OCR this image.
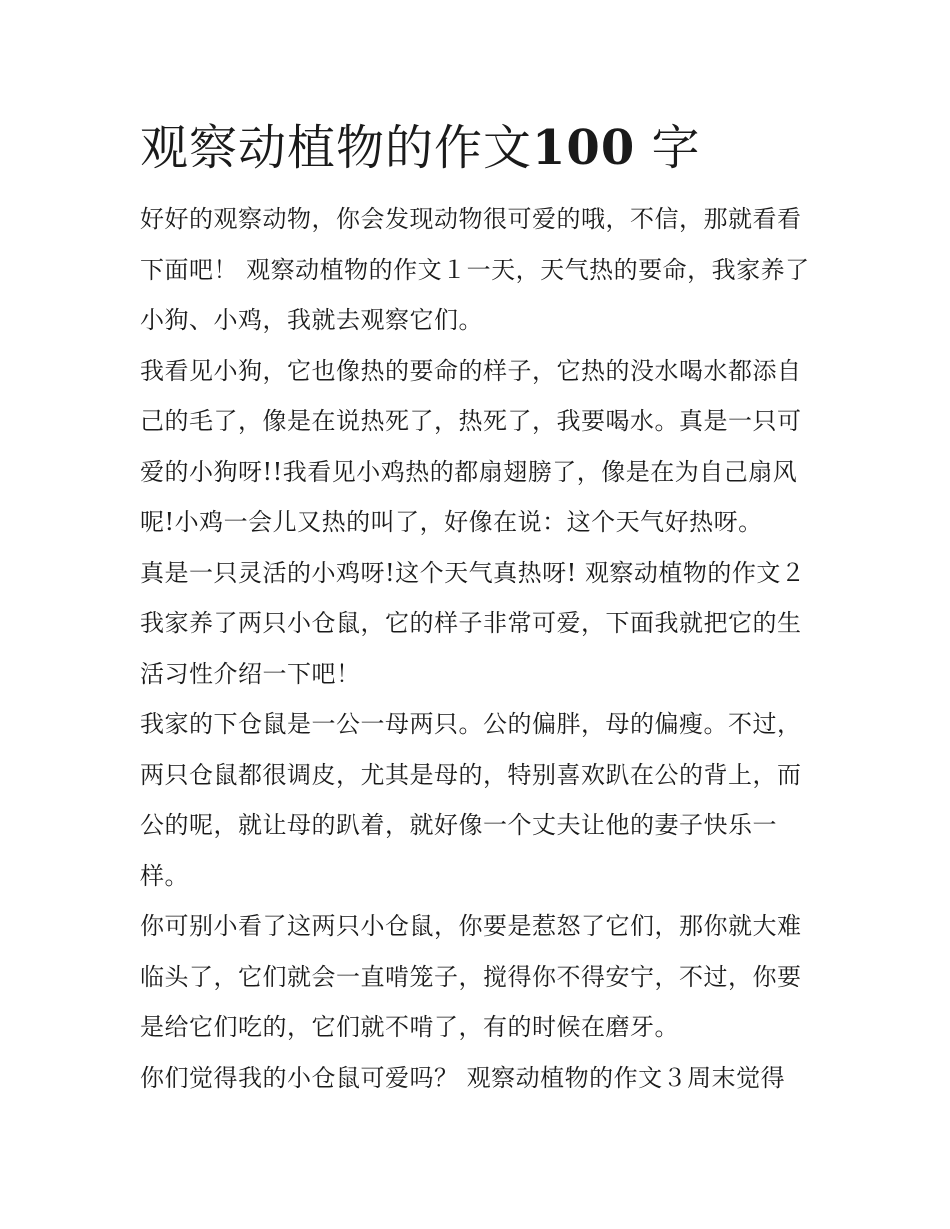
观察动植物的作文100 字

好好的观察动物，你会发现动物很可爱的哦，不信，那就看看下面吧！ 观察动植物的作文１一天，天气热的要命，我家养了小狗、小鸡，我就去观察它们。

我看见小狗，它也像热的要命的样子，它热的没水喝水都添自己的毛了，像是在说热死了，热死了，我要喝水。真是一只可爱的小狗呀!!我看见小鸡热的都扇翅膀了，像是在为自己扇风呢!小鸡一会儿又热的叫了，好像在说：这个天气好热呀。

真是一只灵活的小鸡呀!这个天气真热呀! 观察动植物的作文２我家养了两只小仓鼠，它的样子非常可爱，下面我就把它的生活习性介绍一下吧！

我家的下仓鼠是一公一母两只。公的偏胖，母的偏瘦。不过，两只仓鼠都很调皮，尤其是母的，特别喜欢趴在公的背上，而公的呢，就让母的趴着，就好像一个丈夫让他的妻子快乐一样。

你可别小看了这两只小仓鼠，你要是惹怒了它们，那你就大难临头了，它们就会一直啃笼子，搅得你不得安宁，不过，你要是给它们吃的，它们就不啃了，有的时候在磨牙。

你们觉得我的小仓鼠可爱吗？ 观察动植物的作文３周末觉得
